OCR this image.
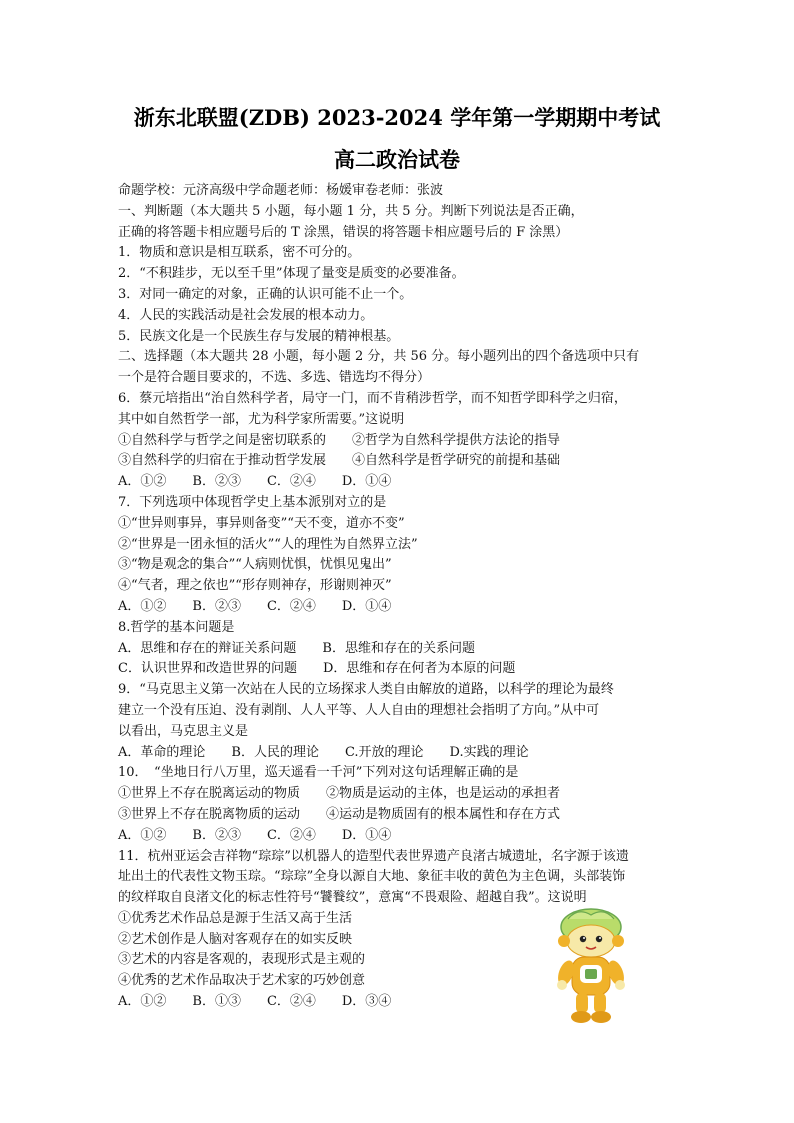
浙东北联盟(ZDB) 2023-2024 学年第一学期期中考试
高二政治试卷
命题学校：元济高级中学命题老师：杨媛审卷老师：张波
一、判断题（本大题共 5 小题，每小题 1 分，共 5 分。判断下列说法是否正确，
正确的将答题卡相应题号后的 T 涂黑，错误的将答题卡相应题号后的 F 涂黑）
1．物质和意识是相互联系，密不可分的。
2．“不积跬步，无以至千里”体现了量变是质变的必要准备。
3．对同一确定的对象，正确的认识可能不止一个。
4．人民的实践活动是社会发展的根本动力。
5．民族文化是一个民族生存与发展的精神根基。
二、选择题（本大题共 28 小题，每小题 2 分，共 56 分。每小题列出的四个备选项中只有
一个是符合题目要求的，不选、多选、错选均不得分）
6．蔡元培指出“治自然科学者，局守一门，而不肯稍涉哲学，而不知哲学即科学之归宿，
其中如自然哲学一部，尤为科学家所需要。”这说明
①自然科学与哲学之间是密切联系的　　②哲学为自然科学提供方法论的指导
③自然科学的归宿在于推动哲学发展　　④自然科学是哲学研究的前提和基础
A．①②　　B．②③　　C．②④　　D．①④
7．下列选项中体现哲学史上基本派别对立的是
①“世异则事异，事异则备变”“天不变，道亦不变”
②“世界是一团永恒的活火”“人的理性为自然界立法”
③“物是观念的集合”“人病则忧惧，忧惧见鬼出”
④“气者，理之依也”“形存则神存，形谢则神灭”
A．①②　　B．②③　　C．②④　　D．①④
8.哲学的基本问题是
A．思维和存在的辩证关系问题　　B．思维和存在的关系问题
C．认识世界和改造世界的问题　　D．思维和存在何者为本原的问题
9．“马克思主义第一次站在人民的立场探求人类自由解放的道路，以科学的理论为最终
建立一个没有压迫、没有剥削、人人平等、人人自由的理想社会指明了方向。”从中可
以看出，马克思主义是
A．革命的理论　　B．人民的理论　　C.开放的理论　　D.实践的理论
10．　“坐地日行八万里，巡天遥看一千河”下列对这句话理解正确的是
①世界上不存在脱离运动的物质　　②物质是运动的主体，也是运动的承担者
③世界上不存在脱离物质的运动　　④运动是物质固有的根本属性和存在方式
A．①②　　B．②③　　C．②④　　D．①④
11．杭州亚运会吉祥物“琮琮”以机器人的造型代表世界遗产良渚古城遗址，名字源于该遗
址出土的代表性文物玉琮。“琮琮”全身以源自大地、象征丰收的黄色为主色调，头部装饰
的纹样取自良渚文化的标志性符号“饕餮纹”，意寓“不畏艰险、超越自我”。这说明
①优秀艺术作品总是源于生活又高于生活
②艺术创作是人脑对客观存在的如实反映
③艺术的内容是客观的，表现形式是主观的
④优秀的艺术作品取决于艺术家的巧妙创意
A．①②　　B．①③　　C．②④　　D．③④
